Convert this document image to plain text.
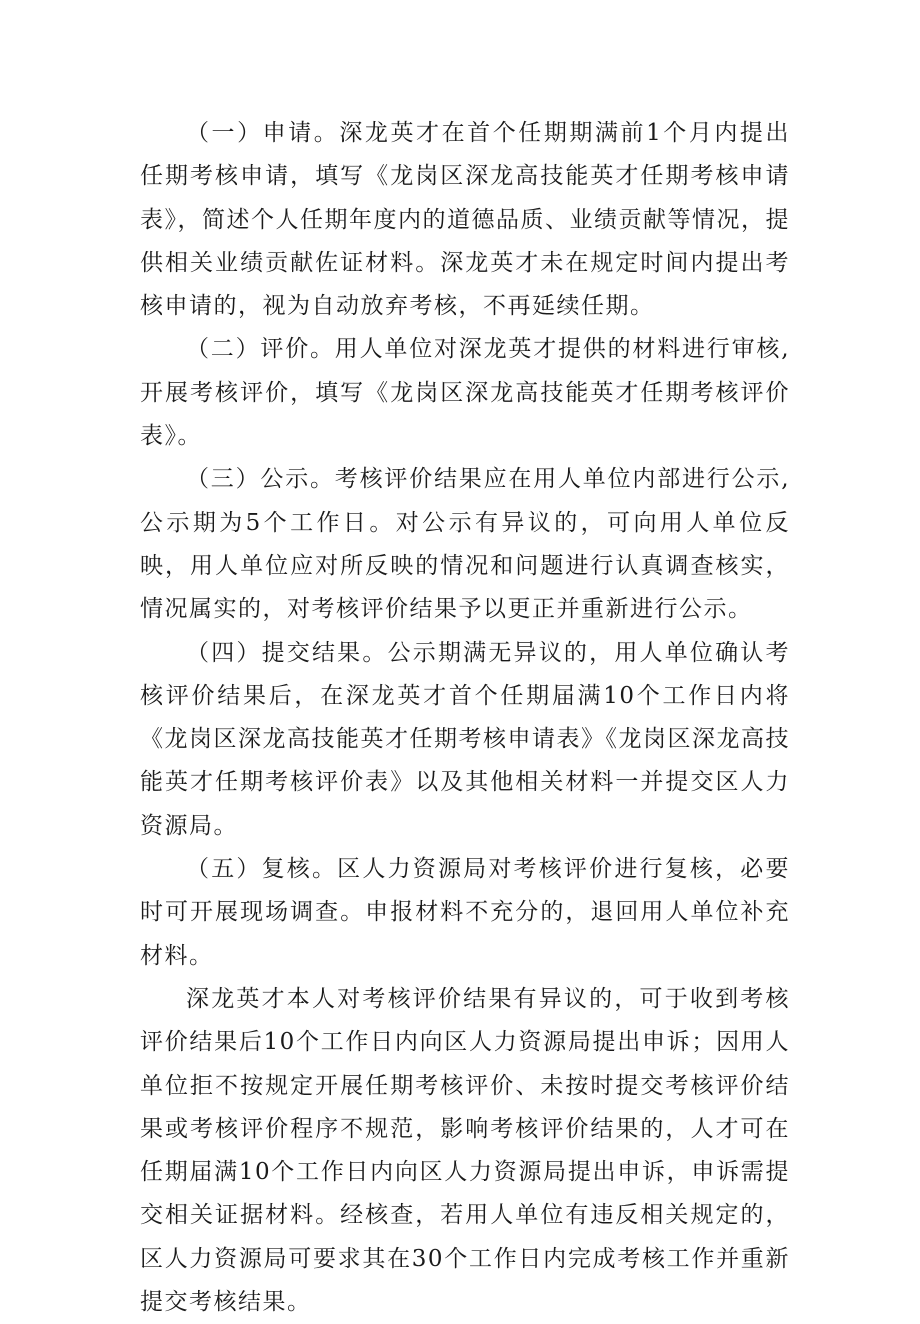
（一）申请。深龙英才在首个任期期满前1个月内提出任期考核申请，填写《龙岗区深龙高技能英才任期考核申请表》，简述个人任期年度内的道德品质、业绩贡献等情况，提供相关业绩贡献佐证材料。深龙英才未在规定时间内提出考核申请的，视为自动放弃考核，不再延续任期。

（二）评价。用人单位对深龙英才提供的材料进行审核,开展考核评价，填写《龙岗区深龙高技能英才任期考核评价表》。

（三）公示。考核评价结果应在用人单位内部进行公示,公示期为5个工作日。对公示有异议的，可向用人单位反映，用人单位应对所反映的情况和问题进行认真调查核实，情况属实的，对考核评价结果予以更正并重新进行公示。

（四）提交结果。公示期满无异议的，用人单位确认考核评价结果后，在深龙英才首个任期届满10个工作日内将《龙岗区深龙高技能英才任期考核申请表》《龙岗区深龙高技能英才任期考核评价表》以及其他相关材料一并提交区人力资源局。

（五）复核。区人力资源局对考核评价进行复核，必要时可开展现场调查。申报材料不充分的，退回用人单位补充材料。

深龙英才本人对考核评价结果有异议的，可于收到考核评价结果后10个工作日内向区人力资源局提出申诉；因用人单位拒不按规定开展任期考核评价、未按时提交考核评价结果或考核评价程序不规范，影响考核评价结果的，人才可在任期届满10个工作日内向区人力资源局提出申诉，申诉需提交相关证据材料。经核查，若用人单位有违反相关规定的，区人力资源局可要求其在30个工作日内完成考核工作并重新提交考核结果。
